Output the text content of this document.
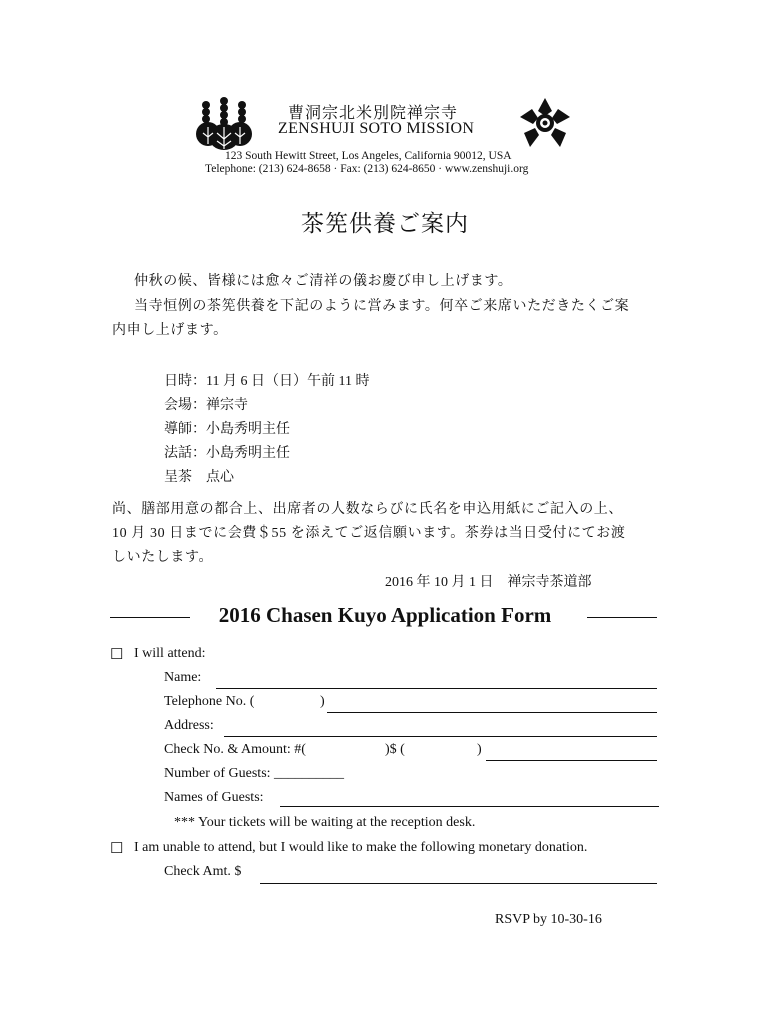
曹洞宗北米別院禅宗寺
ZENSHUJI SOTO MISSION
123 South Hewitt Street, Los Angeles, California 90012, USA
Telephone: (213) 624-8658 · Fax: (213) 624-8650 · www.zenshuji.org
茶筅供養ご案内
仲秋の候、皆様には愈々ご清祥の儀お慶び申し上げます。
当寺恒例の茶筅供養を下記のように営みます。何卒ご来席いただきたくご案
内申し上げます。
日時：11 月 6 日（日）午前 11 時
会場：禅宗寺
導師：小島秀明主任
法話：小島秀明主任
呈茶　点心
尚、膳部用意の都合上、出席者の人数ならびに氏名を申込用紙にご記入の上、
10 月 30 日までに会費＄55 を添えてご返信願います。茶券は当日受付にてお渡
しいたします。
2016 年 10 月 1 日　禅宗寺茶道部
2016 Chasen Kuyo Application Form
☐ I will attend:
Name:
Telephone No. (	)
Address:
Check No. & Amount: #(	)$ (	)
Number of Guests: __________
Names of Guests:
*** Your tickets will be waiting at the reception desk.
☐ I am unable to attend, but I would like to make the following monetary donation.
Check Amt. $
RSVP by 10-30-16
